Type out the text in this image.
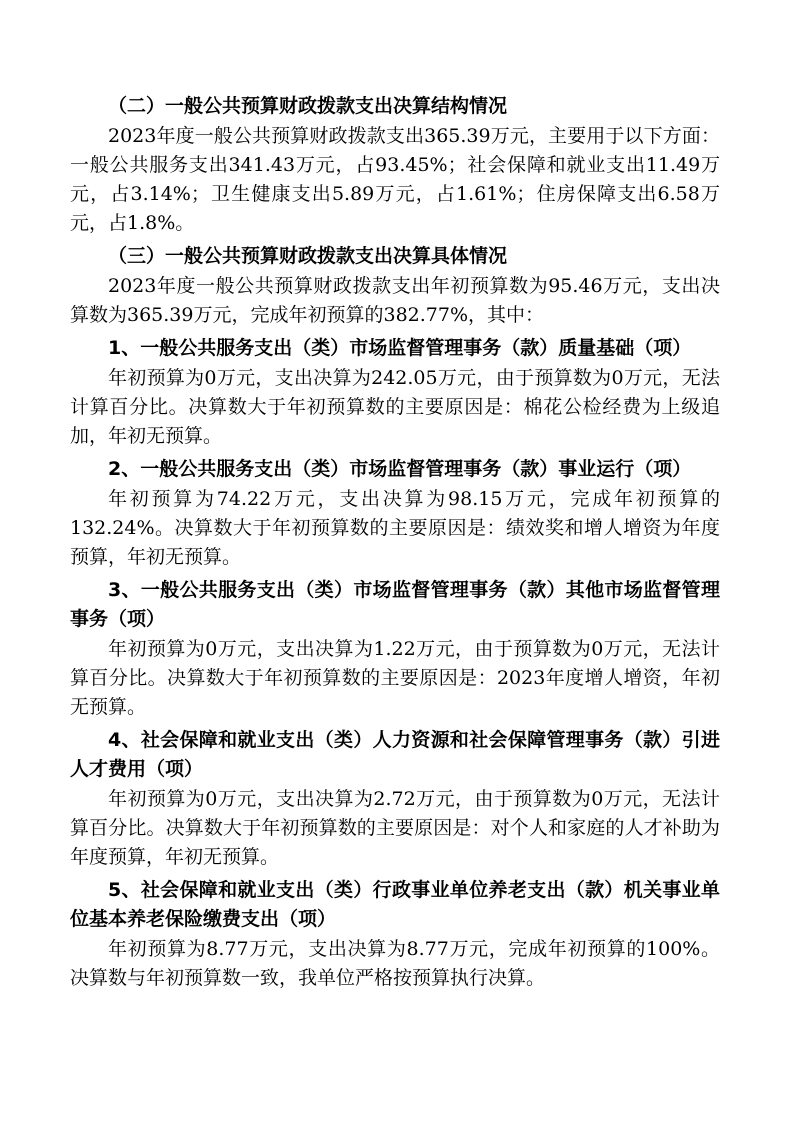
（二）一般公共预算财政拨款支出决算结构情况

2023年度一般公共预算财政拨款支出365.39万元，主要用于以下方面：一般公共服务支出341.43万元，占93.45%；社会保障和就业支出11.49万元，占3.14%；卫生健康支出5.89万元，占1.61%；住房保障支出6.58万元，占1.8%。

（三）一般公共预算财政拨款支出决算具体情况

2023年度一般公共预算财政拨款支出年初预算数为95.46万元，支出决算数为365.39万元，完成年初预算的382.77%，其中：

1、一般公共服务支出（类）市场监督管理事务（款）质量基础（项）

年初预算为0万元，支出决算为242.05万元，由于预算数为0万元，无法计算百分比。决算数大于年初预算数的主要原因是：棉花公检经费为上级追加，年初无预算。

2、一般公共服务支出（类）市场监督管理事务（款）事业运行（项）

年初预算为74.22万元，支出决算为98.15万元，完成年初预算的132.24%。决算数大于年初预算数的主要原因是：绩效奖和增人增资为年度预算，年初无预算。

3、一般公共服务支出（类）市场监督管理事务（款）其他市场监督管理事务（项）

年初预算为0万元，支出决算为1.22万元，由于预算数为0万元，无法计算百分比。决算数大于年初预算数的主要原因是：2023年度增人增资，年初无预算。

4、社会保障和就业支出（类）人力资源和社会保障管理事务（款）引进人才费用（项）

年初预算为0万元，支出决算为2.72万元，由于预算数为0万元，无法计算百分比。决算数大于年初预算数的主要原因是：对个人和家庭的人才补助为年度预算，年初无预算。

5、社会保障和就业支出（类）行政事业单位养老支出（款）机关事业单位基本养老保险缴费支出（项）

年初预算为8.77万元，支出决算为8.77万元，完成年初预算的100%。决算数与年初预算数一致，我单位严格按预算执行决算。
